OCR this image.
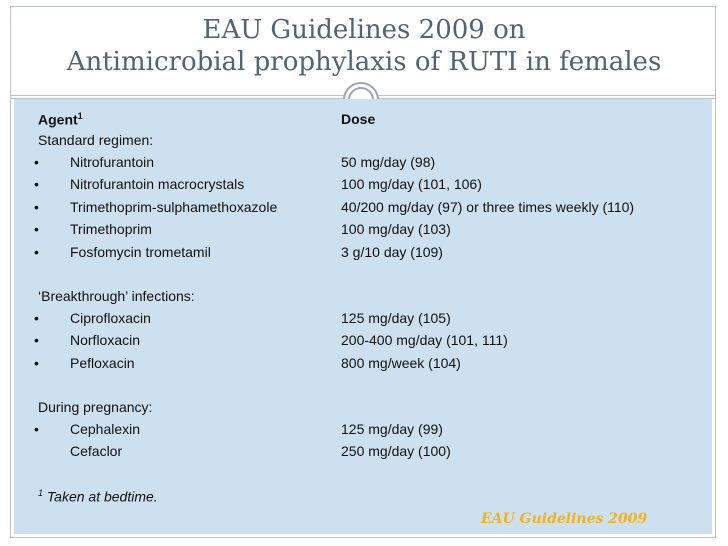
EAU Guidelines 2009 on
Antimicrobial prophylaxis of RUTI in females
Agent$^1$	Dose
Standard regimen:
• Nitrofurantoin	50 mg/day (98)
• Nitrofurantoin macrocrystals	100 mg/day (101, 106)
• Trimethoprim-sulphamethoxazole	40/200 mg/day (97) or three times weekly (110)
• Trimethoprim	100 mg/day (103)
• Fosfomycin trometamil	3 g/10 day (109)
‘Breakthrough’ infections:
• Ciprofloxacin	125 mg/day (105)
• Norfloxacin	200-400 mg/day (101, 111)
• Pefloxacin	800 mg/week (104)
During pregnancy:
• Cephalexin	125 mg/day (99)
Cefaclor	250 mg/day (100)
$^1$ Taken at bedtime.
EAU Guidelines 2009
